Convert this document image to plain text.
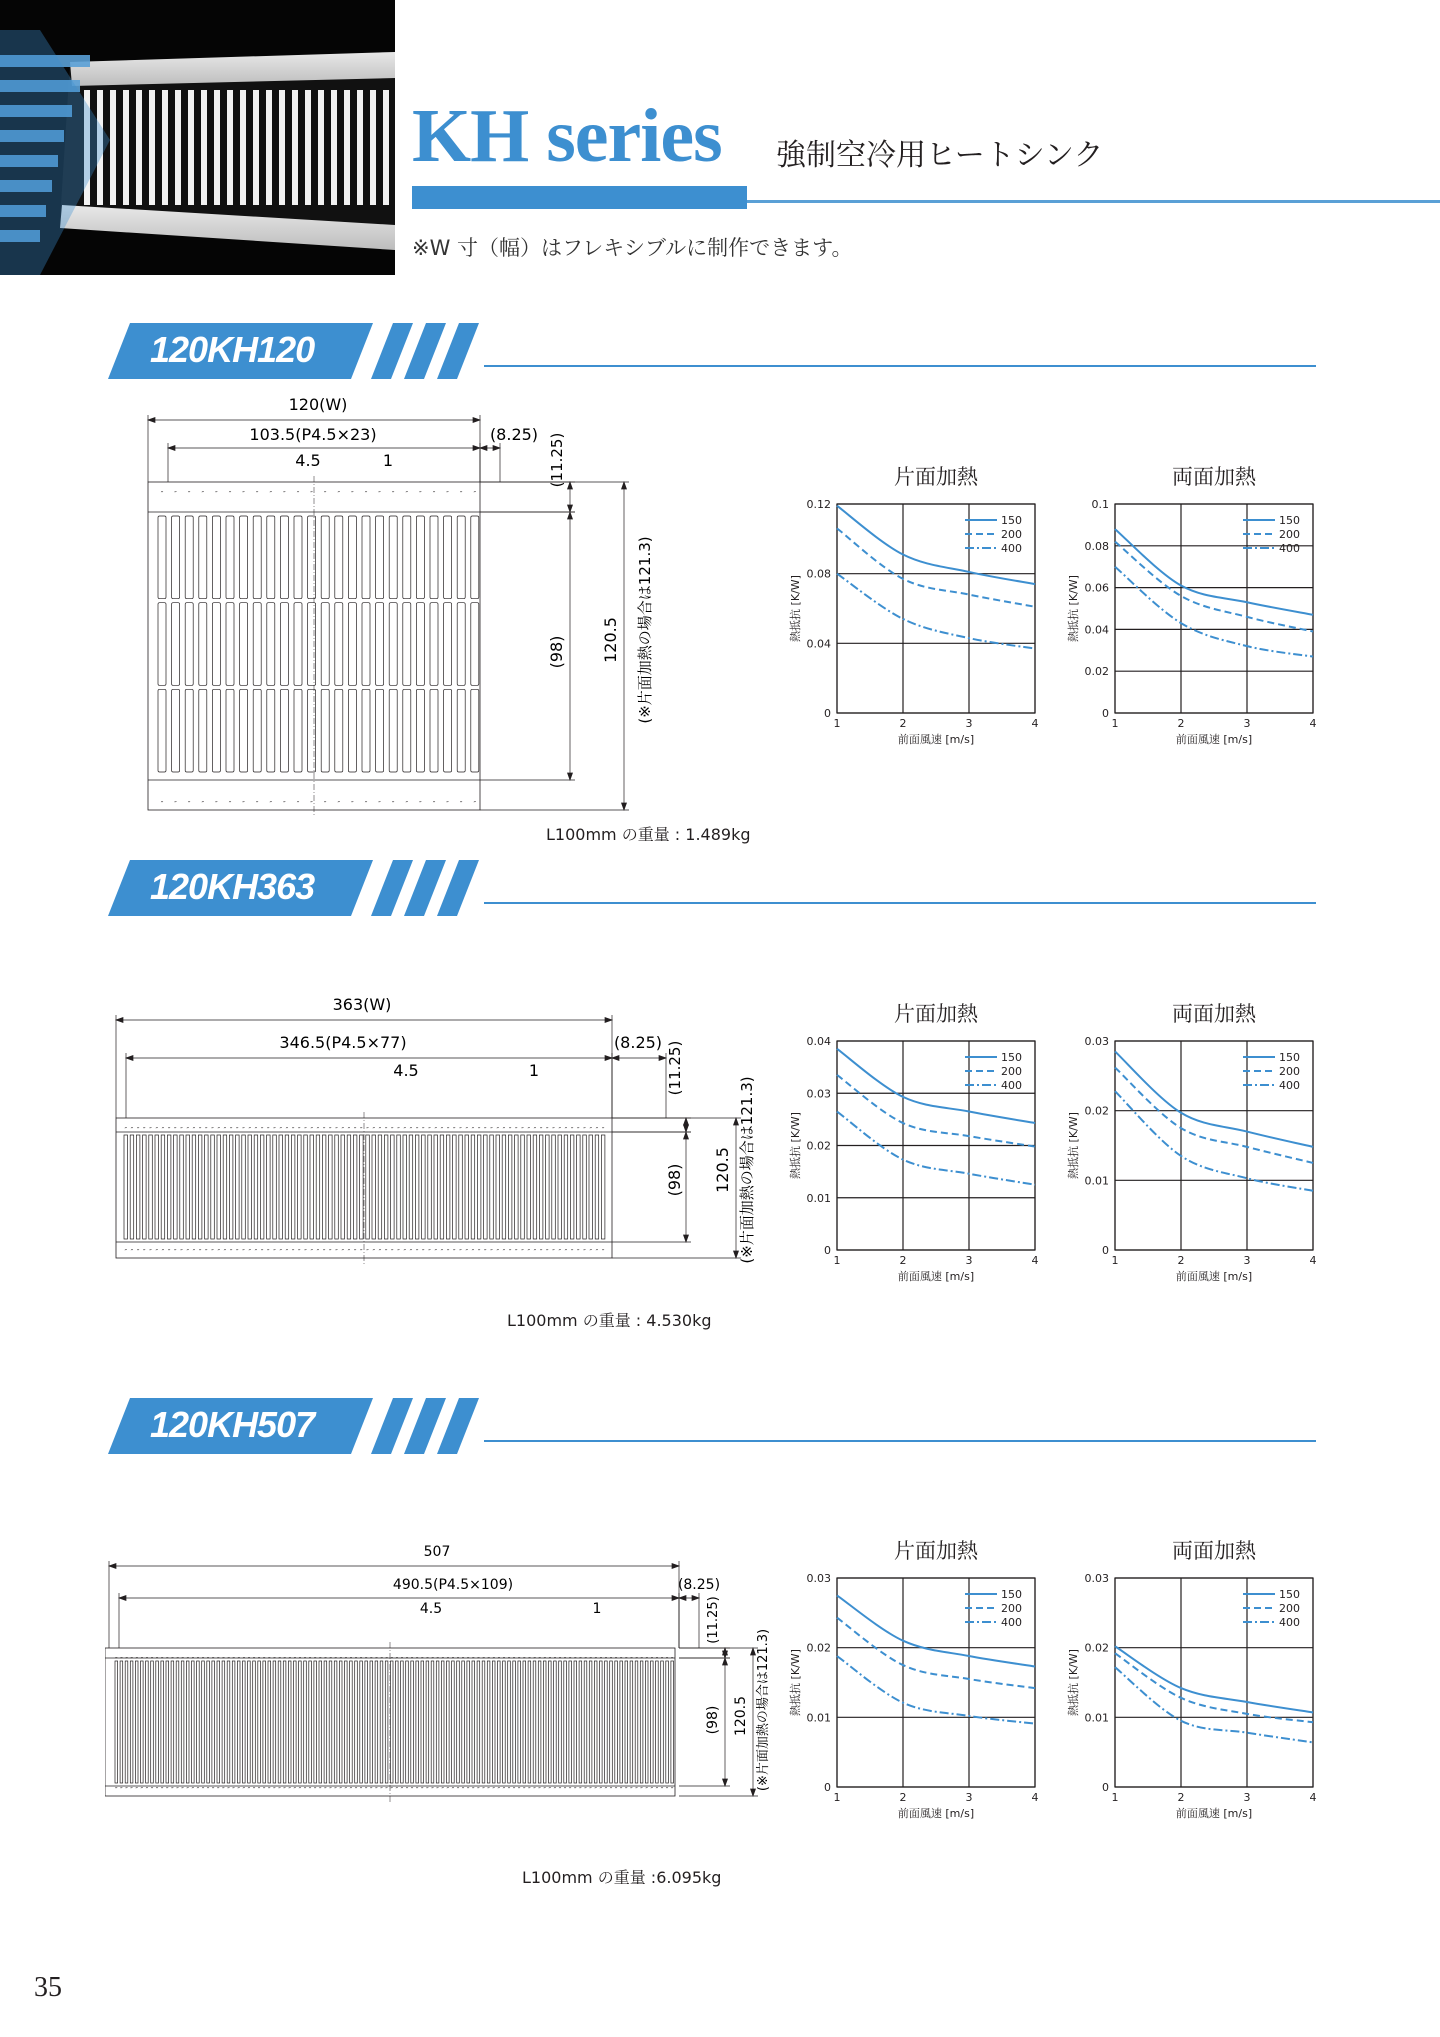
KH series 強制空冷用ヒートシンク
※W 寸（幅）はフレキシブルに制作できます。
120KH120
120KH363
120KH507
120(W)
103.5(P4.5×23)	(8.25)
4.5	1	(11.25)
(98) 120.5 (※片面加熱の場合は121.3)
″
″
″
″
″
″
″
″
″
″
″
″
″
″
″
″
″
″
″
″
″
″
″
″
″
″
″
″
″
″
″
″
″
″
″
″
″
″
″
″
″
″
″
″
″
″
″
″
L100mm の重量 : 1.489kg
363(W)
346.5(P4.5×77)	(8.25)
4.5	1	(11.25)
(98) 120.5 (※片面加熱の場合は121.3)
″
″
″
″
″
″
″
″
″
″
″
″
″
″
″
″
″
″
″
″
″
″
″
″
″
″
″
″
″
″
″
″
″
″
″
″
″
″
″
″
″
″
″
″
″
″
″
″
″
″
″
″
″
″
″
″
″
″
″
″
″
″
″
″
″
″
″
″
″
″
″
″
″
″
″
″
″
″
″
″
″
″
″
″
″
″
″
″
″
″
″
″
″
″
″
″
″
″
″
″
″
″
″
″
″
″
″
″
″
″
″
″
″
″
″
″
″
″
″
″
″
″
″
″
″
″
″
″
″
″
″
″
″
″
″
″
″
″
″
″
″
″
″
″
″
″
″
″
″
″
″
″
″
″
″
″
L100mm の重量 : 4.530kg
507
490.5(P4.5×109)	(8.25)
4.5	1	(11.25)
(98) 120.5 (※片面加熱の場合は121.3)
″
″
″
″
″
″
″
″
″
″
″
″
″
″
″
″
″
″
″
″
″
″
″
″
″
″
″
″
″
″
″
″
″
″
″
″
″
″
″
″
″
″
″
″
″
″
″
″
″
″
″
″
″
″
″
″
″
″
″
″
″
″
″
″
″
″
″
″
″
″
″
″
″
″
″
″
″
″
″
″
″
″
″
″
″
″
″
″
″
″
″
″
″
″
″
″
″
″
″
″
″
″
″
″
″
″
″
″
″
″
″
″
″
″
″
″
″
″
″
″
″
″
″
″
″
″
″
″
″
″
″
″
″
″
″
″
″
″
″
″
″
″
″
″
″
″
″
″
″
″
″
″
″
″
″
″
″
″
″
″
″
″
″
″
″
″
″
″
″
″
″
″
″
″
″
″
″
″
″
″
″
″
″
″
″
″
″
″
″
″
″
″
″
″
″
″
″
″
″
″
″
″
″
″
″
″
″
″
″
″
″
″
″
″
″
″
″
″
″
″
L100mm の重量 :6.095kg
片面加熱
0
0.04
0.08
0.12
1	2	3	4
前面風速 [m/s]
熱抵抗 [K/W]
150
200
400
両面加熱
0
0.02
0.04
0.06
0.08
0.1
1	2	3	4
前面風速 [m/s]
熱抵抗 [K/W]
150
200
400
片面加熱
0
0.01
0.02
0.03
0.04
1	2	3	4
前面風速 [m/s]
熱抵抗 [K/W]
150
200
400
両面加熱
0
0.01
0.02
0.03
1	2	3	4
前面風速 [m/s]
熱抵抗 [K/W]
150
200
400
片面加熱
0
0.01
0.02
0.03
1	2	3	4
前面風速 [m/s]
熱抵抗 [K/W]
150
200
400
両面加熱
0
0.01
0.02
0.03
1	2	3	4
前面風速 [m/s]
熱抵抗 [K/W]
150
200
400
35
